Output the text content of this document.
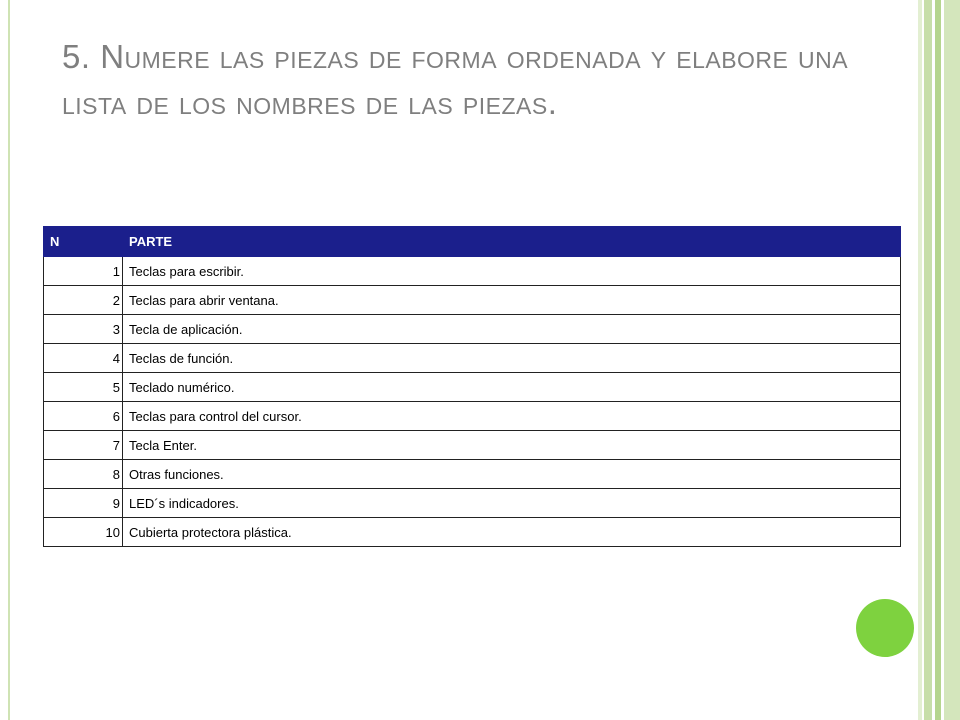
5. Numere las piezas de forma ordenada y elabore una lista de los nombres de las piezas.
N	PARTE
1	Teclas para escribir.
2	Teclas para abrir ventana.
3	Tecla de aplicación.
4	Teclas de función.
5	Teclado numérico.
6	Teclas para control del cursor.
7	Tecla Enter.
8	Otras funciones.
9	LED´s indicadores.
10	Cubierta protectora plástica.
